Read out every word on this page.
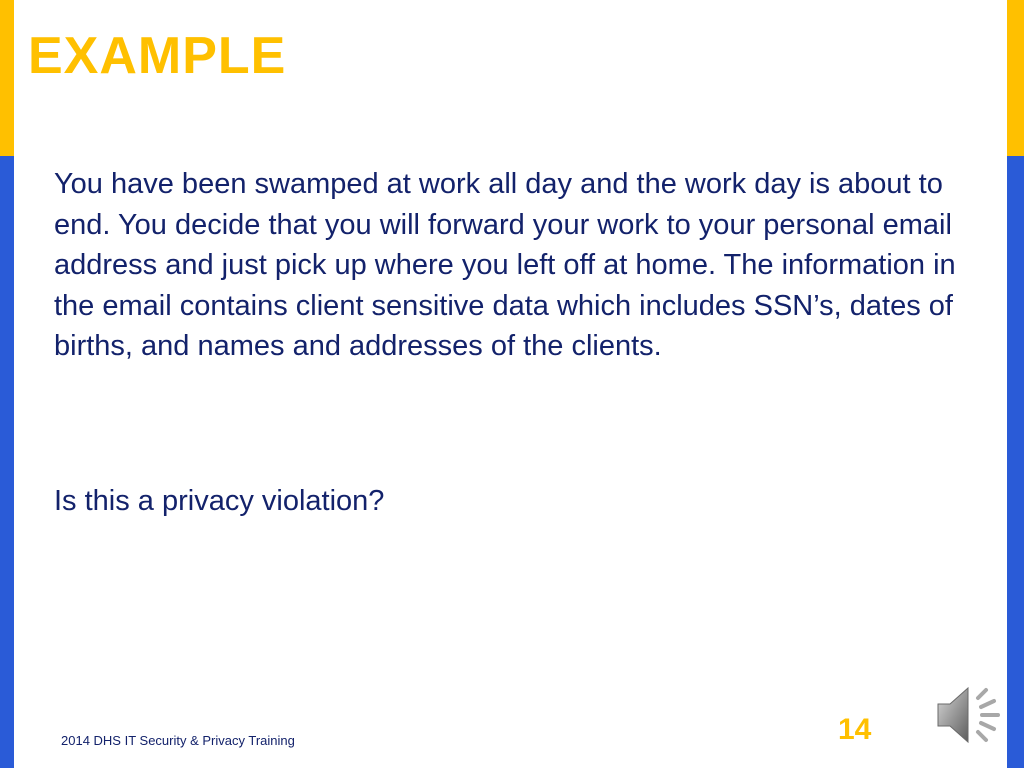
EXAMPLE

You have been swamped at work all day and the work day is about to end. You decide that you will forward your work to your personal email address and just pick up where you left off at home. The information in the email contains client sensitive data which includes SSN’s, dates of births, and names and addresses of the clients.

Is this a privacy violation?

2014 DHS IT Security & Privacy Training	14
